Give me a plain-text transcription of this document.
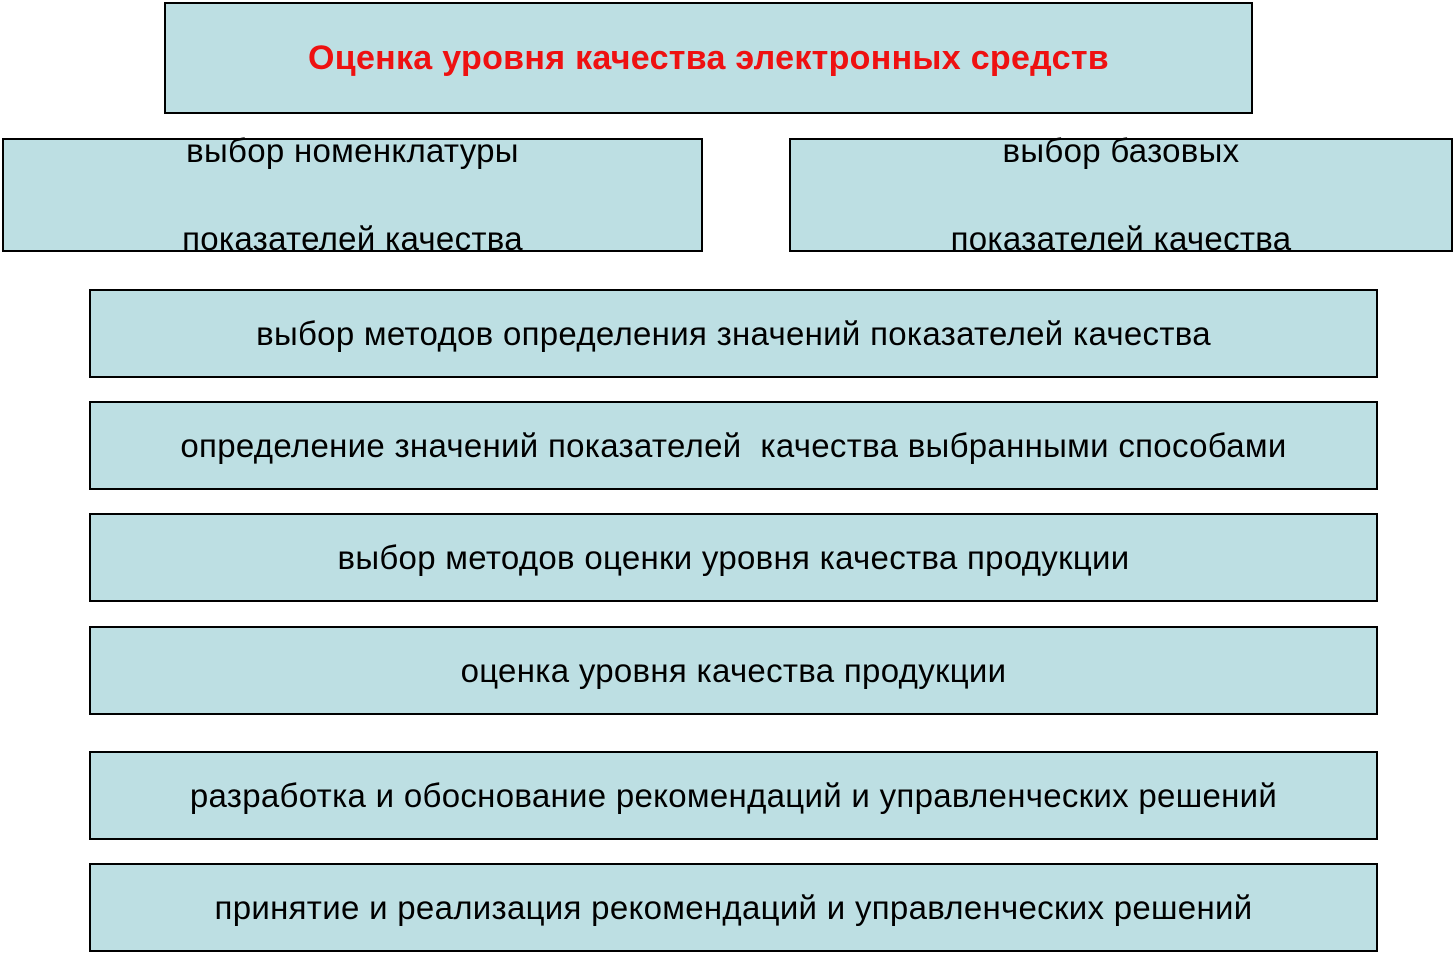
Оценка уровня качества электронных средств

выбор номенклатуры

показателей качества

выбор базовых

показателей качества

выбор методов определения значений показателей качества
определение значений показателей  качества выбранными способами
выбор методов оценки уровня качества продукции
оценка уровня качества продукции
разработка и обоснование рекомендаций и управленческих решений
принятие и реализация рекомендаций и управленческих решений
